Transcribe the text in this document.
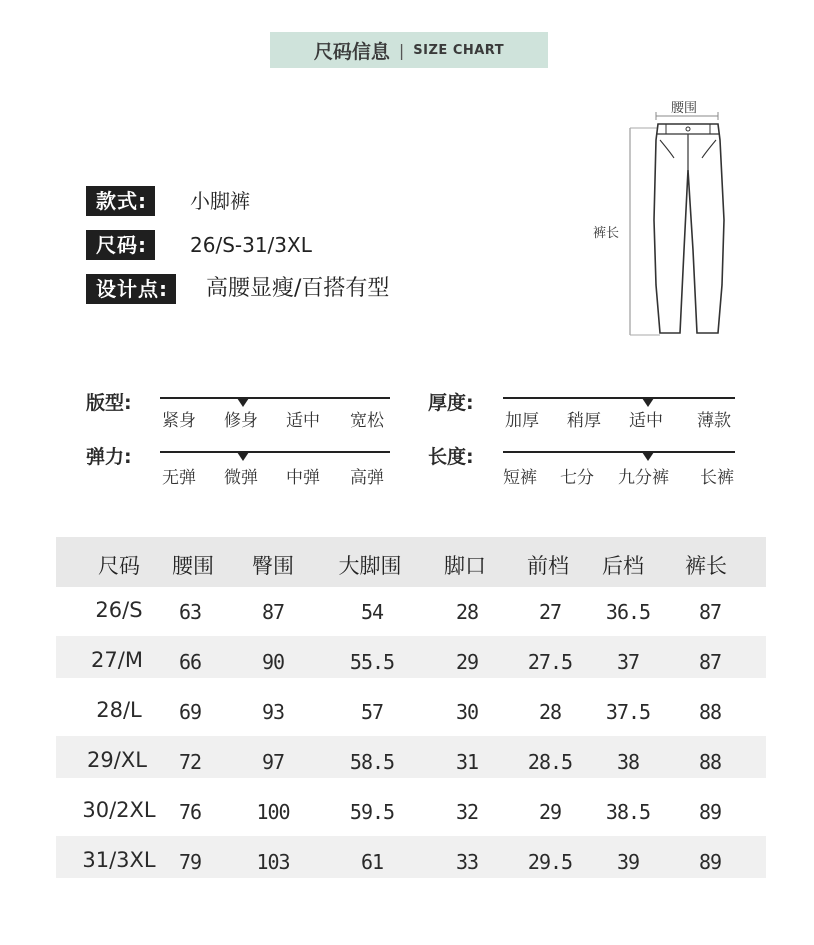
尺码信息 | SIZE CHART
款式:	小脚裤
尺码:	26/S-31/3XL
设计点:	高腰显瘦/百搭有型
腰围
裤长
版型:
紧身 修身 适中 宽松
厚度:
加厚 稍厚 适中 薄款
弹力:
无弹 微弹 中弹 高弹
长度:
短裤 七分 九分裤 长裤
尺码 腰围 臀围 大脚围 脚口 前档 后档 裤长
26/S 63	87	54	28	27 36.5 87
27/M 66	90	55.5	29 27.5 37	87
28/L 69	93	57	30	28 37.5 88
29/XL 72	97	58.5	31 28.5 38	88
30/2XL 76	100	59.5	32	29 38.5 89
31/3XL 79	103	61	33 29.5 39	89
